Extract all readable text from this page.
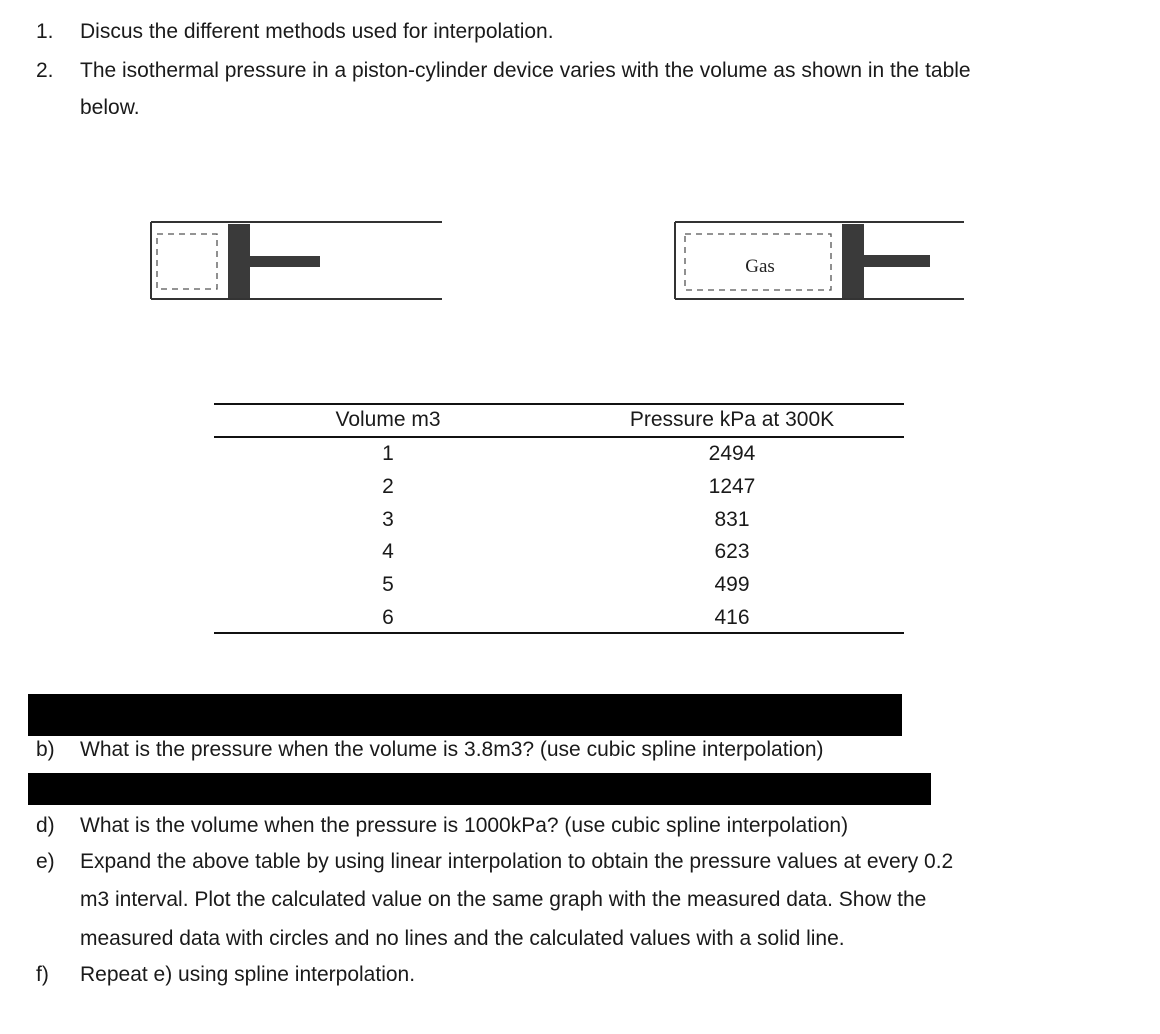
1.	Discus the different methods used for interpolation.
2.	The isothermal pressure in a piston-cylinder device varies with the volume as shown in the table
below.
Gas
Volume m3	Pressure kPa at 300K
1	2494
2	1247
3	831
4	623
5	499
6	416
b)	What is the pressure when the volume is 3.8m3? (use cubic spline interpolation)
d)	What is the volume when the pressure is 1000kPa? (use cubic spline interpolation)
e)	Expand the above table by using linear interpolation to obtain the pressure values at every 0.2
m3 interval. Plot the calculated value on the same graph with the measured data. Show the
measured data with circles and no lines and the calculated values with a solid line.
f)	Repeat e) using spline interpolation.
